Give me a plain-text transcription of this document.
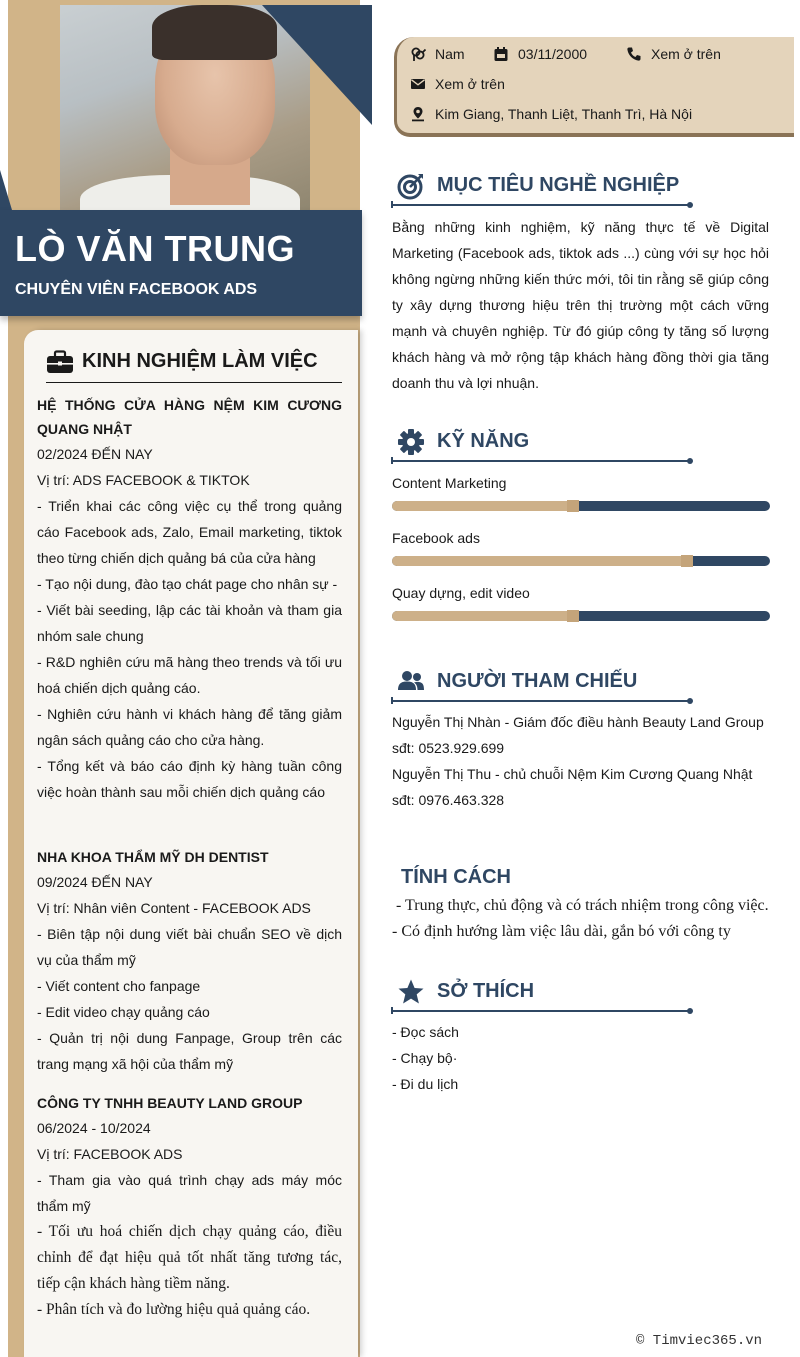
LÒ VĂN TRUNG
CHUYÊN VIÊN FACEBOOK ADS
KINH NGHIỆM LÀM VIỆC
HỆ THỐNG CỬA HÀNG NỆM KIM CƯƠNG QUANG NHẬT
02/2024 ĐẾN NAY
Vị trí: ADS FACEBOOK & TIKTOK
- Triển khai các công việc cụ thể trong quảng cáo Facebook ads, Zalo, Email marketing, tiktok theo từng chiến dịch quảng bá của cửa hàng
- Tạo nội dung, đào tạo chát page cho nhân sự -
- Viết bài seeding, lập các tài khoản và tham gia nhóm sale chung
- R&D nghiên cứu mã hàng theo trends và tối ưu hoá chiến dịch quảng cáo.
- Nghiên cứu hành vi khách hàng để tăng giảm ngân sách quảng cáo cho cửa hàng.
- Tổng kết và báo cáo định kỳ hàng tuần công việc hoàn thành sau mỗi chiến dịch quảng cáo
NHA KHOA THẨM MỸ DH DENTIST
09/2024 ĐẾN NAY
Vị trí: Nhân viên Content - FACEBOOK ADS
- Biên tập nội dung viết bài chuẩn SEO về dịch vụ của thẩm mỹ
- Viết content cho fanpage
- Edit video chạy quảng cáo
- Quản trị nội dung Fanpage, Group trên các trang mạng xã hội của thẩm mỹ
CÔNG TY TNHH BEAUTY LAND GROUP
06/2024 - 10/2024
Vị trí: FACEBOOK ADS
- Tham gia vào quá trình chạy ads máy móc thẩm mỹ
- Tối ưu hoá chiến dịch chạy quảng cáo, điều chỉnh để đạt hiệu quả tốt nhất tăng tương tác, tiếp cận khách hàng tiềm năng.
- Phân tích và đo lường hiệu quả quảng cáo.
Nam	03/11/2000	Xem ở trên
Xem ở trên
Kim Giang, Thanh Liệt, Thanh Trì, Hà Nội
MỤC TIÊU NGHỀ NGHIỆP
Bằng những kinh nghiệm, kỹ năng thực tế về Digital Marketing (Facebook ads, tiktok ads ...) cùng với sự học hỏi không ngừng những kiến thức mới, tôi tin rằng sẽ giúp công ty xây dựng thương hiệu trên thị trường một cách vững mạnh và chuyên nghiệp. Từ đó giúp công ty tăng số lượng khách hàng và mở rộng tập khách hàng đồng thời gia tăng doanh thu và lợi nhuận.
KỸ NĂNG
Content Marketing
Facebook ads
Quay dựng, edit video
NGƯỜI THAM CHIẾU
Nguyễn Thị Nhàn - Giám đốc điều hành Beauty Land Group
sđt: 0523.929.699
Nguyễn Thị Thu - chủ chuỗi Nệm Kim Cương Quang Nhật
sđt: 0976.463.328
TÍNH CÁCH
- Trung thực, chủ động và có trách nhiệm trong công việc.
- Có định hướng làm việc lâu dài, gắn bó với công ty
SỞ THÍCH
- Đọc sách
- Chạy bộ·
- Đi du lịch
© Timviec365.vn
